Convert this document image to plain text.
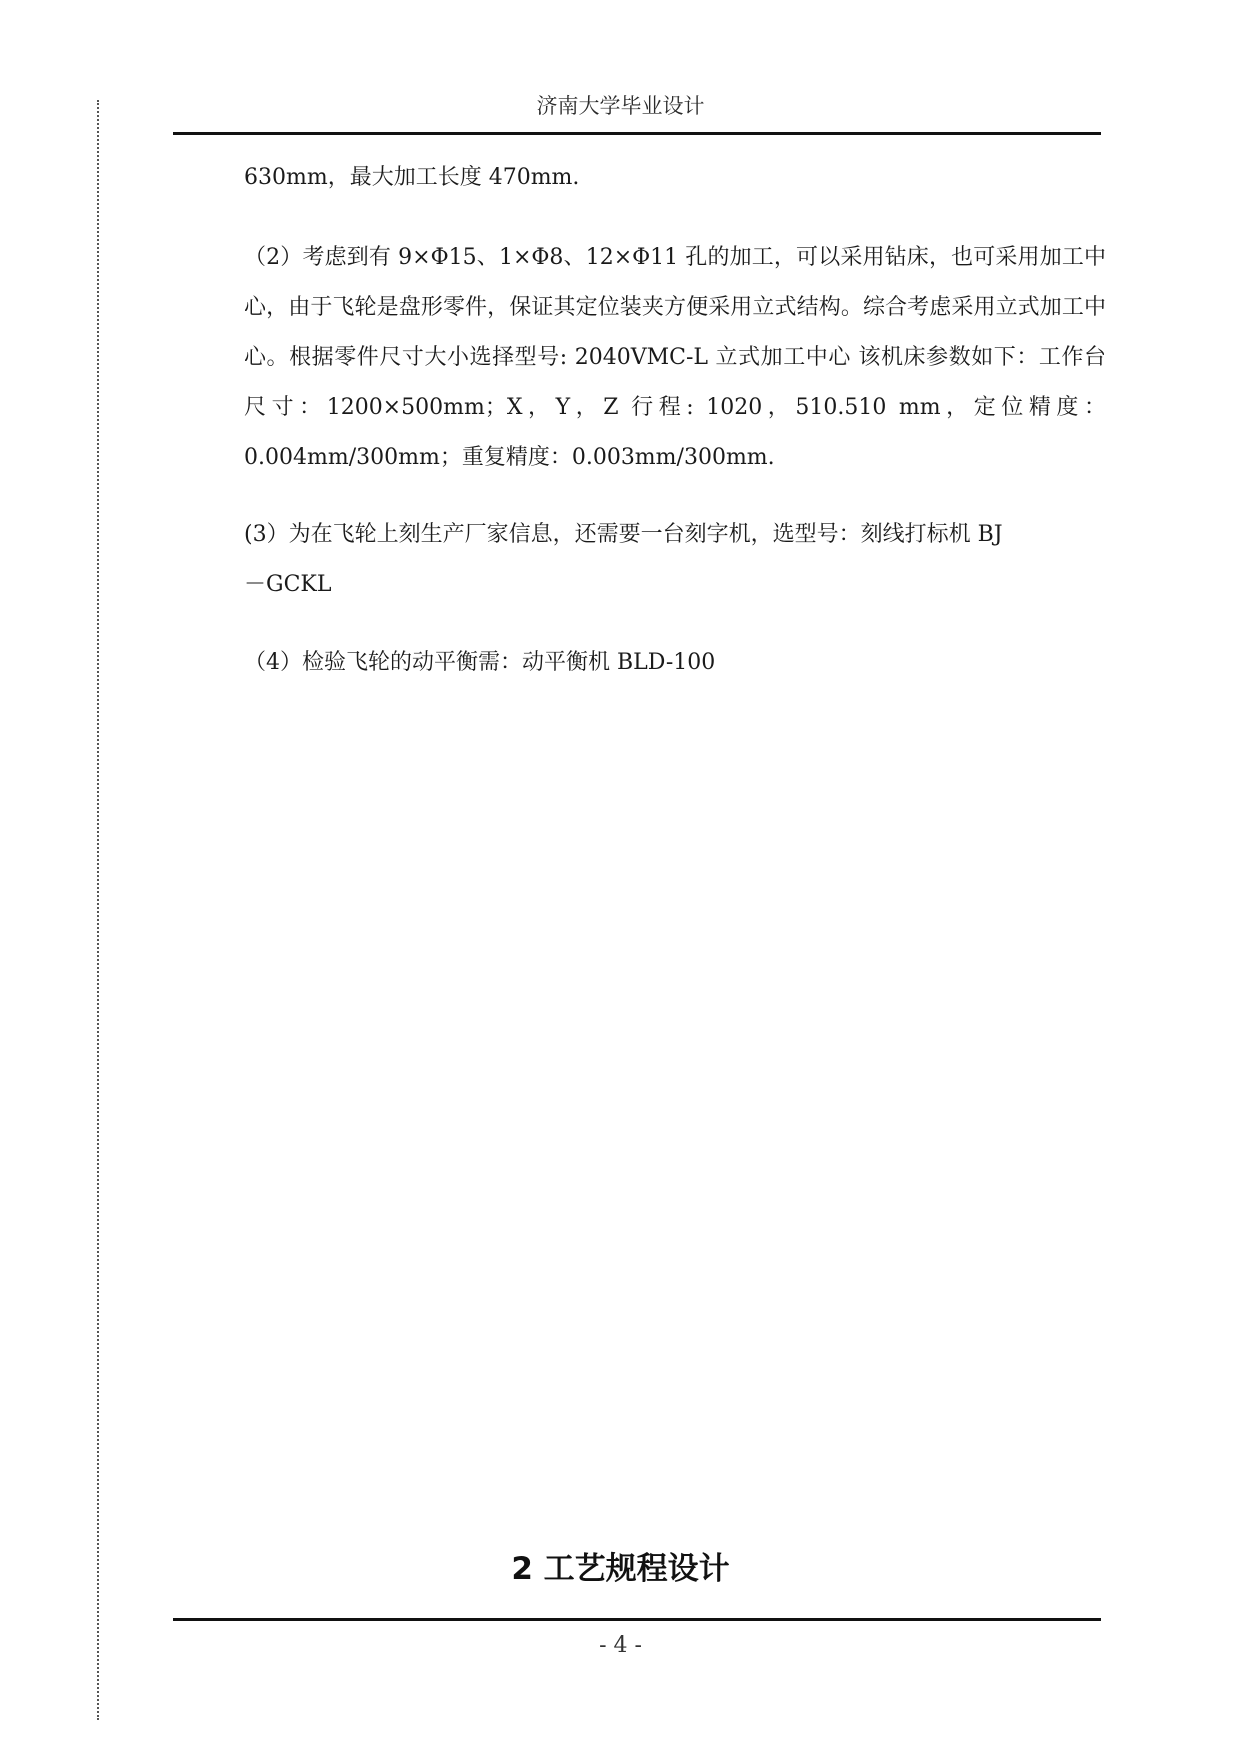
济南大学毕业设计

630mm，最大加工长度 470mm.

（2）考虑到有 9×Φ15、1×Φ8、12×Φ11 孔的加工，可以采用钻床，也可采用加工中心，由于飞轮是盘形零件，保证其定位装夹方便采用立式结构。综合考虑采用立式加工中心。根据零件尺寸大小选择型号: 2040VMC-L 立式加工中心 该机床参数如下：工作台尺寸：1200×500mm；X，Y，Z 行程: 1020，510.510 mm，定位精度：0.004mm/300mm；重复精度：0.003mm/300mm.

(3）为在飞轮上刻生产厂家信息，还需要一台刻字机，选型号：刻线打标机 BJ

－GCKL

（4）检验飞轮的动平衡需：动平衡机 BLD-100

2 工艺规程设计
- 4 -
